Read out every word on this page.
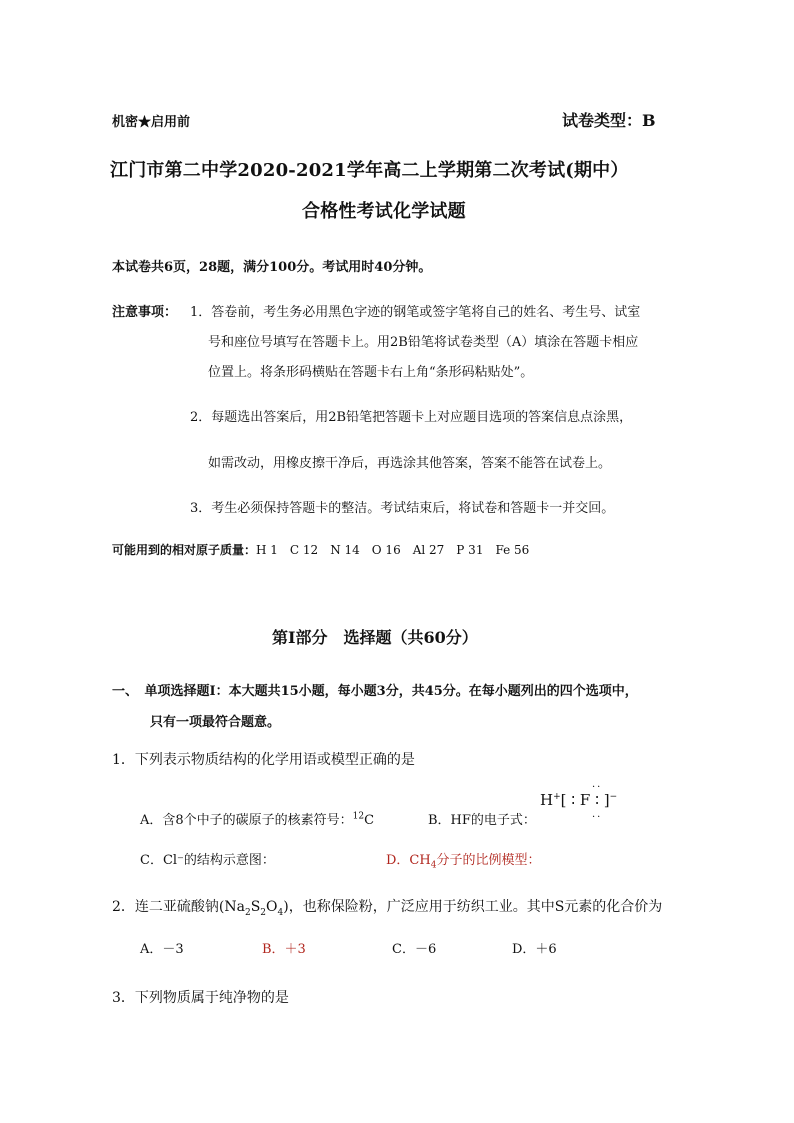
机密★启用前	试卷类型：B
江门市第二中学2020-2021学年高二上学期第二次考试(期中）
合格性考试化学试题
本试卷共6页，28题，满分100分。考试用时40分钟。
注意事项： 1．答卷前，考生务必用黑色字迹的钢笔或签字笔将自己的姓名、考生号、试室
号和座位号填写在答题卡上。用2B铅笔将试卷类型（A）填涂在答题卡相应
位置上。将条形码横贴在答题卡右上角“条形码粘贴处”。
2．每题选出答案后，用2B铅笔把答题卡上对应题目选项的答案信息点涂黑，
如需改动，用橡皮擦干净后，再选涂其他答案，答案不能答在试卷上。
3．考生必须保持答题卡的整洁。考试结束后，将试卷和答题卡一并交回。
可能用到的相对原子质量：H 1　C 12　N 14　O 16　Al 27　P 31　Fe 56
第Ⅰ部分　选择题（共60分）
一、　单项选择题Ⅰ：本大题共15小题，每小题3分，共45分。在每小题列出的四个选项中，
只有一项最符合题意。
1．下列表示物质结构的化学用语或模型正确的是
A．含8个中子的碳原子的核素符号：$^{12}$C	B．HF的电子式：
H+[ ∶ F ∶ ]−
··
··
C．Cl⁻的结构示意图：	D．$CH_4$分子的比例模型：
2．连二亚硫酸钠$(Na_2S_2O_4)$，也称保险粉，广泛应用于纺织工业。其中S元素的化合价为
A．－3	B．＋3	C．－6	D．＋6
3．下列物质属于纯净物的是
